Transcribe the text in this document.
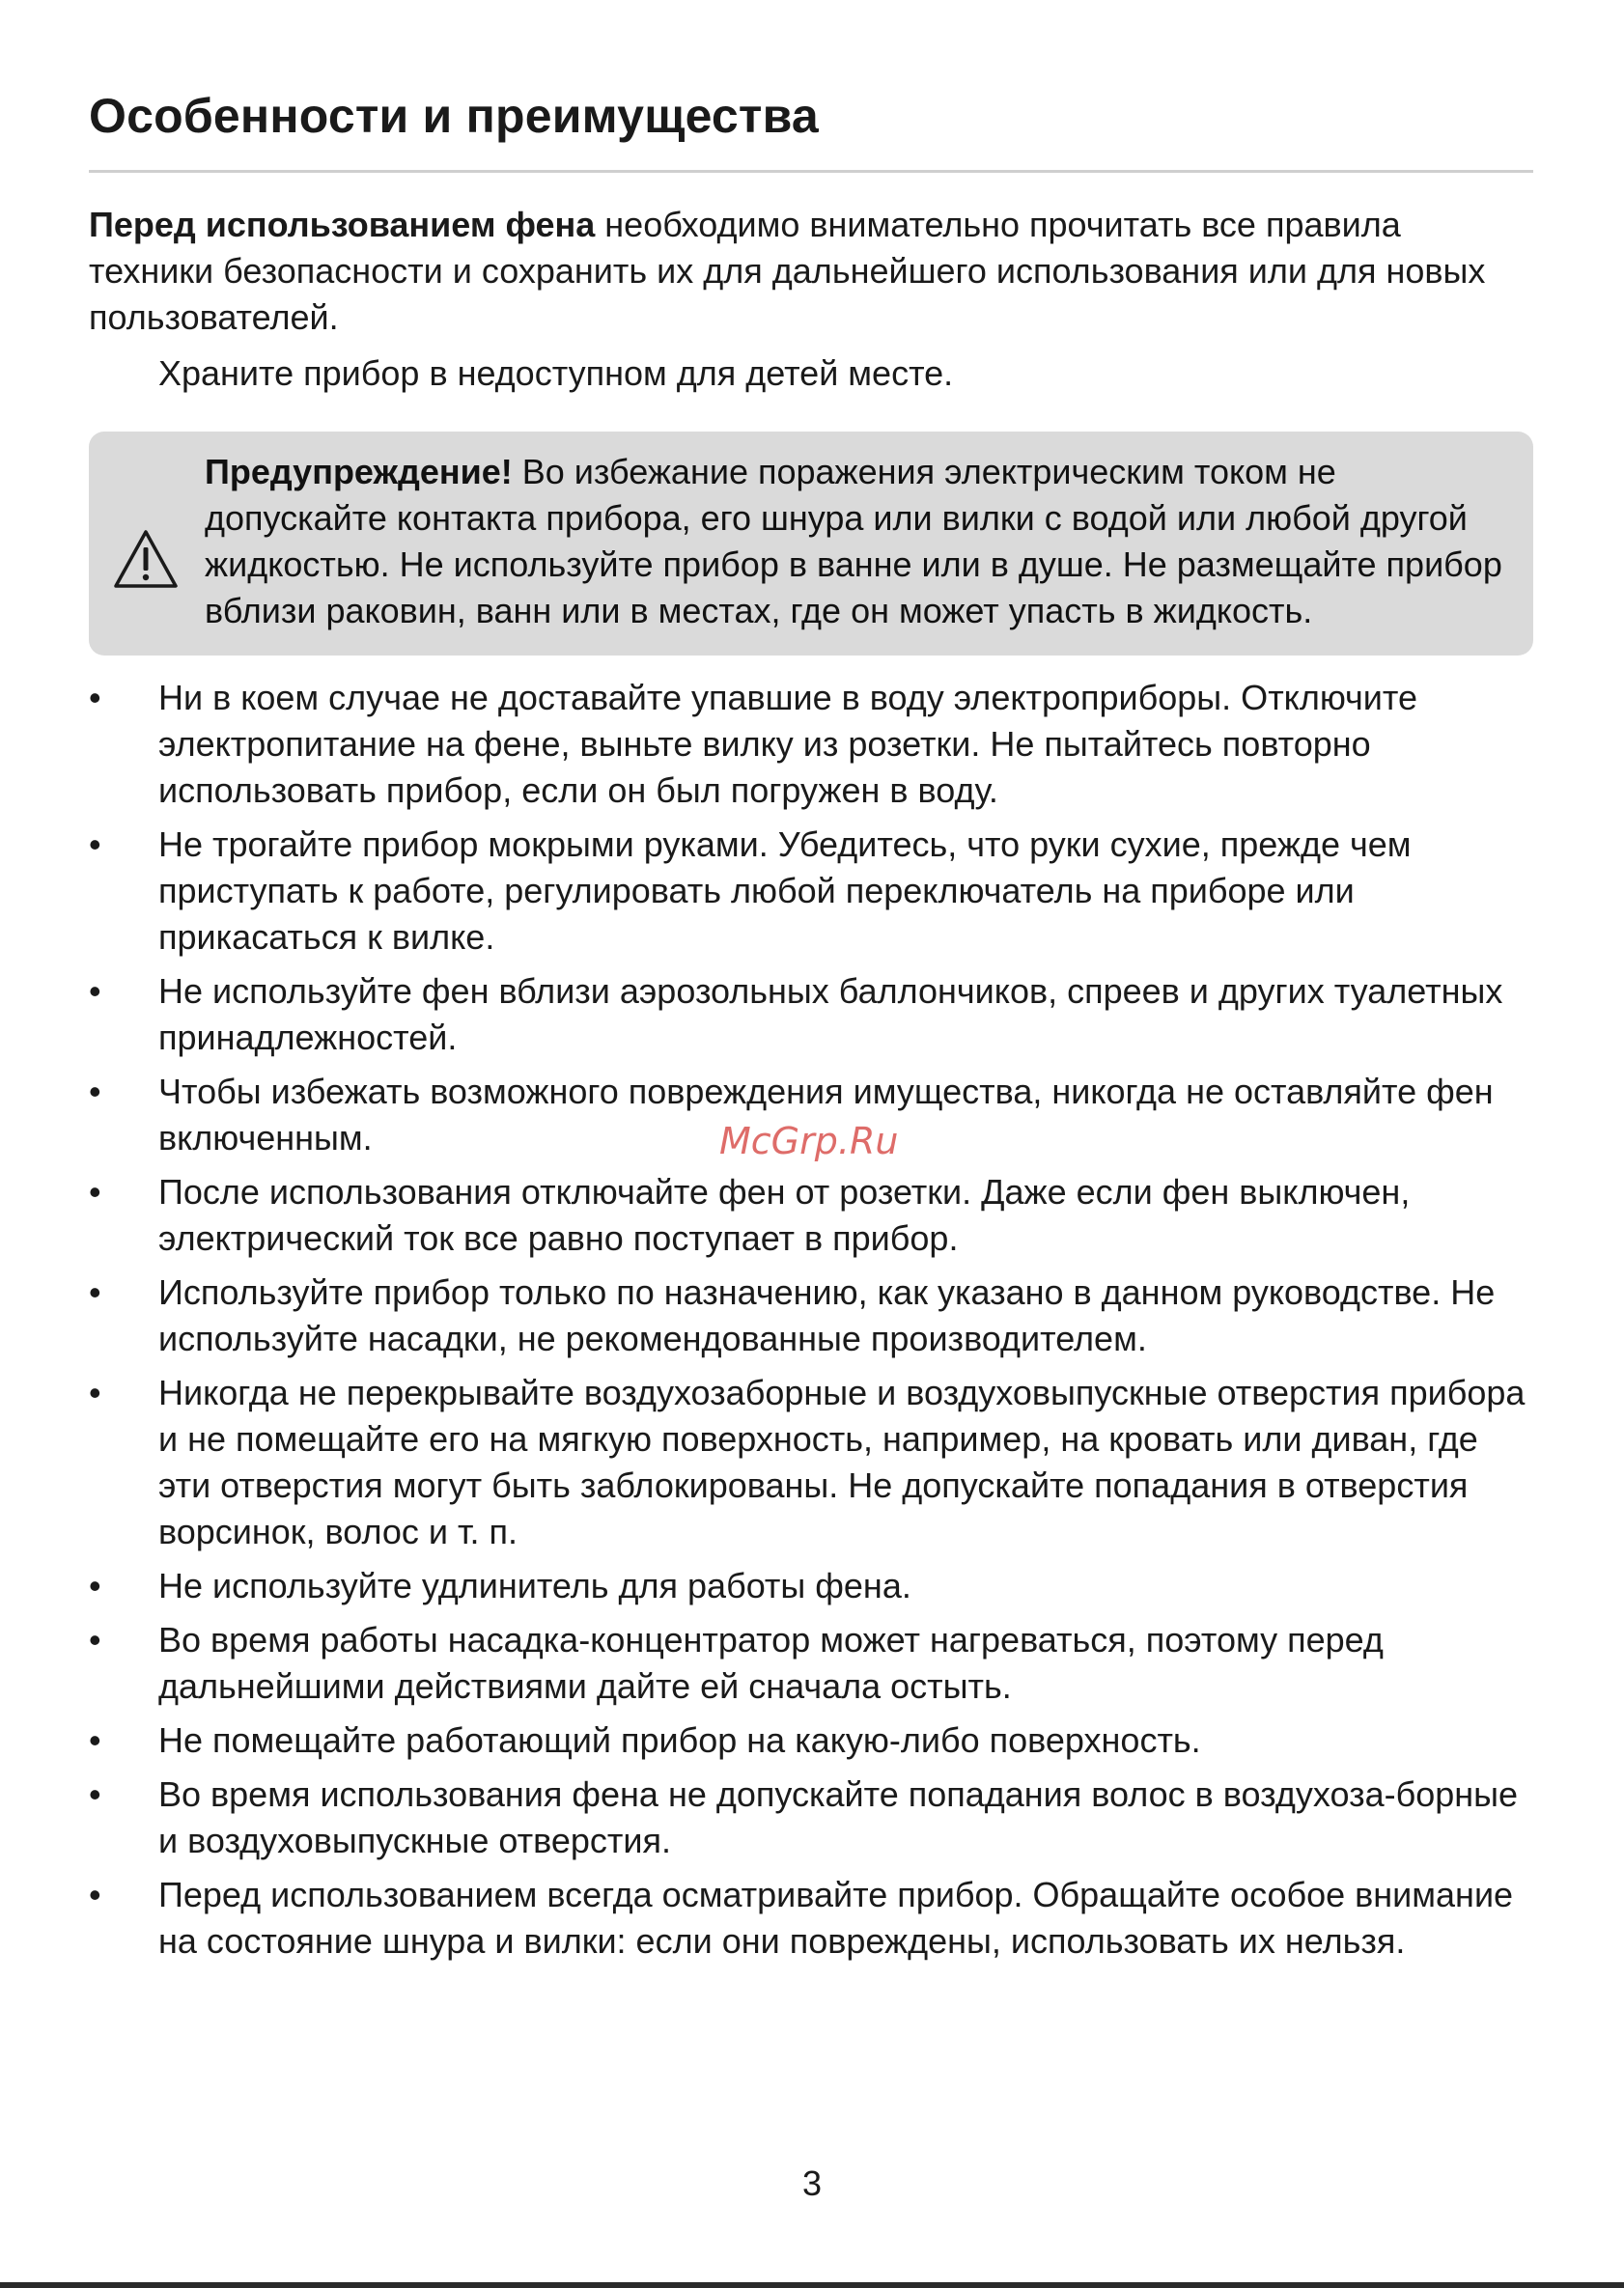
Особенности и преимущества

Перед использованием фена необходимо внимательно прочитать все правила техники безопасности и сохранить их для дальнейшего использования или для новых пользователей.

Храните прибор в недоступном для детей месте.

Предупреждение! Во избежание поражения электрическим током не допускайте контакта прибора, его шнура или вилки с водой или любой другой жидкостью. Не используйте прибор в ванне или в душе. Не размещайте прибор вблизи раковин, ванн или в местах, где он может упасть в жидкость.
• Ни в коем случае не доставайте упавшие в воду электроприборы. Отключите электропитание на фене, выньте вилку из розетки. Не пытайтесь повторно использовать прибор, если он был погружен в воду.
• Не трогайте прибор мокрыми руками. Убедитесь, что руки сухие, прежде чем приступать к работе, регулировать любой переключатель на приборе или прикасаться к вилке.
• Не используйте фен вблизи аэрозольных баллончиков, спреев и других туалетных принадлежностей.
• Чтобы избежать возможного повреждения имущества, никогда не оставляйте фен включенным.
• После использования отключайте фен от розетки. Даже если фен выключен, электрический ток все равно поступает в прибор.
• Используйте прибор только по назначению, как указано в данном руководстве. Не используйте насадки, не рекомендованные производителем.
• Никогда не перекрывайте воздухозаборные и воздуховыпускные отверстия прибора и не помещайте его на мягкую поверхность, например, на кровать или диван, где эти отверстия могут быть заблокированы. Не допускайте попадания в отверстия ворсинок, волос и т. п.
• Не используйте удлинитель для работы фена.
• Во время работы насадка-концентратор может нагреваться, поэтому перед дальнейшими действиями дайте ей сначала остыть.
• Не помещайте работающий прибор на какую-либо поверхность.
• Во время использования фена не допускайте попадания волос в воздухоза-борные и воздуховыпускные отверстия.
• Перед использованием всегда осматривайте прибор. Обращайте особое внимание на состояние шнура и вилки: если они повреждены, использовать их нельзя.
McGrp.Ru
3
